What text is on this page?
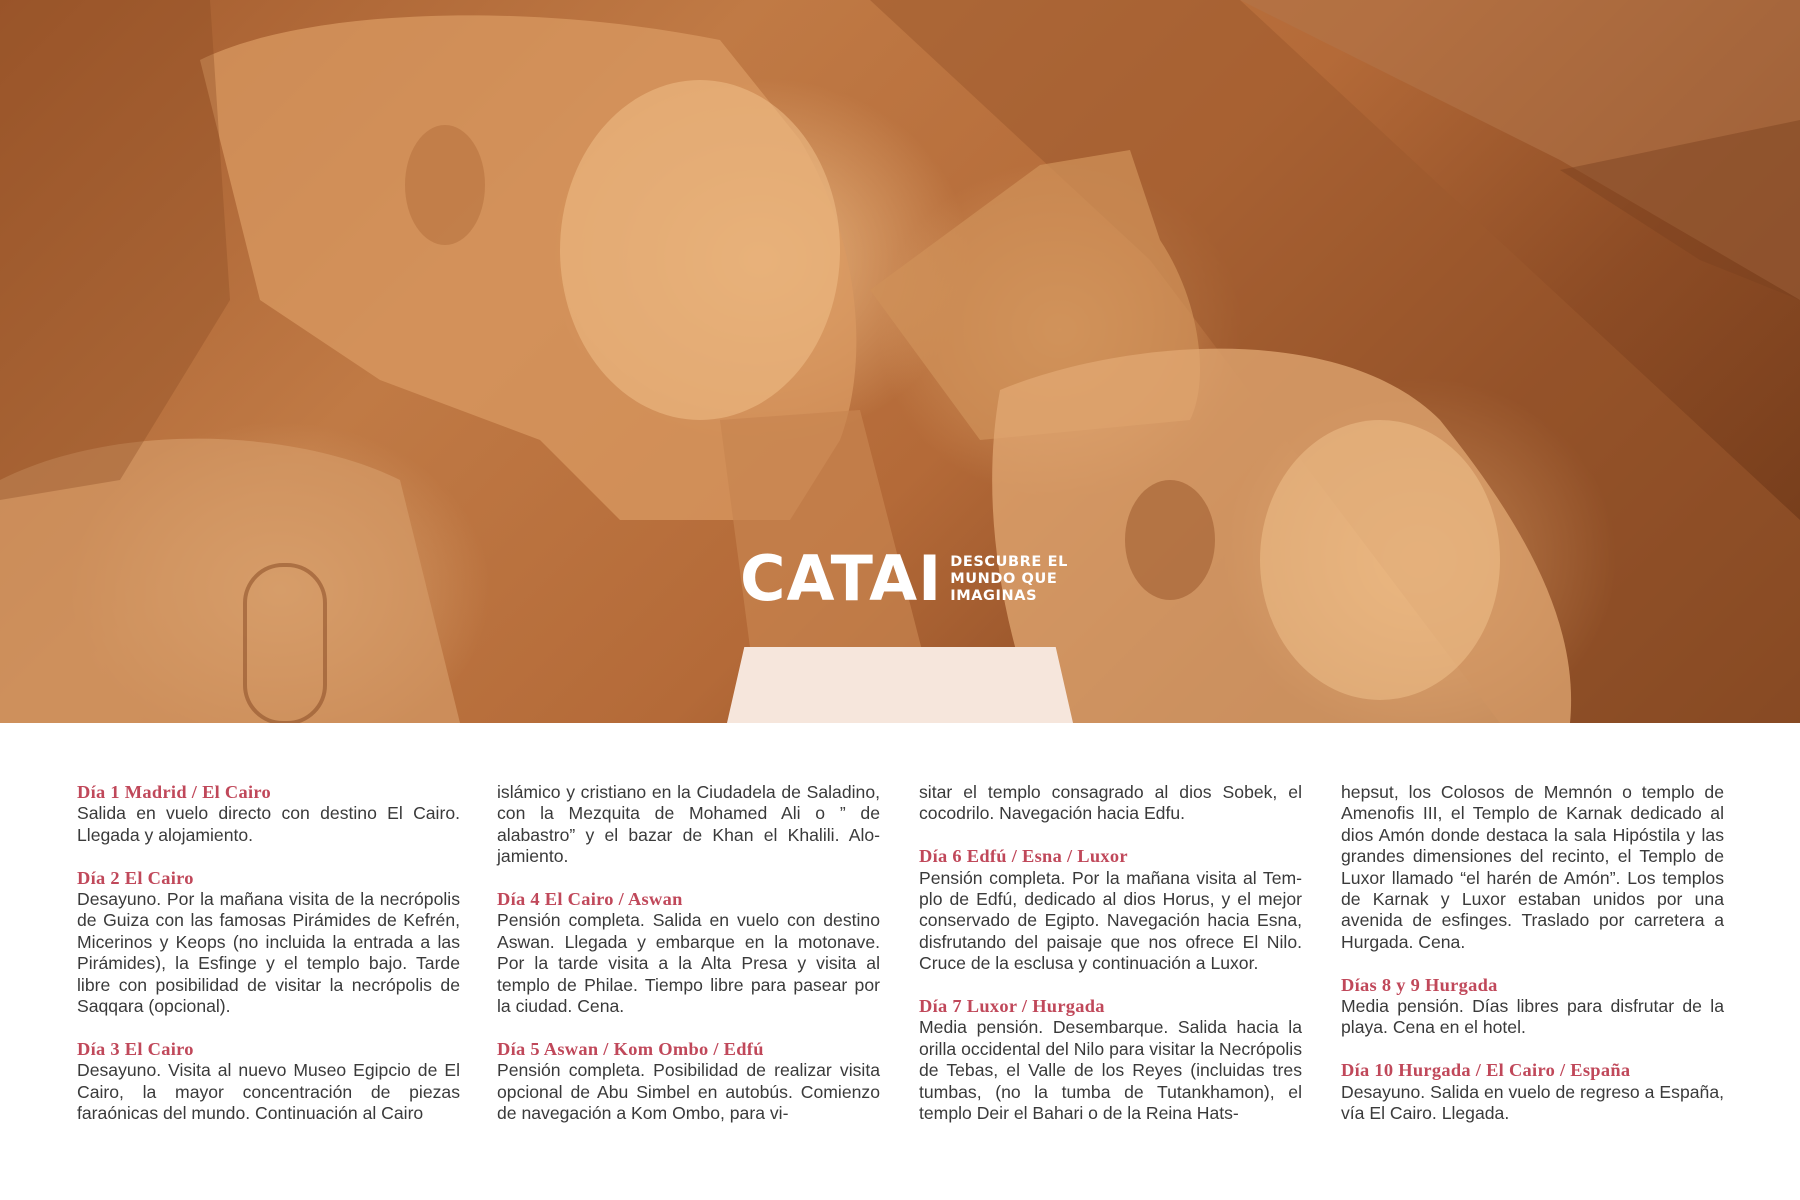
CATAI DESCUBRE EL
MUNDO QUE
IMAGINAS

Día 1 Madrid / El Cairo

Salida en vuelo directo con destino El Cairo. Llegada y alojamiento.

Día 2 El Cairo

Desayuno. Por la mañana visita de la necrópolis de Guiza con las famosas Pirámides de Kefrén, Micerinos y Keops (no incluida la entrada a las Pirámides), la Esfinge y el templo bajo. Tarde libre con posibilidad de visitar la necrópolis de Saqqara (opcional).

Día 3 El Cairo

Desayuno. Visita al nuevo Museo Egipcio de El Cairo, la mayor concentración de piezas faraónicas del mundo. Continuación al Cairo

islámico y cristiano en la Ciudadela de Saladino, con la Mezquita de Mohamed Ali o ” de alabastro” y el bazar de Khan el Khalili. Alojamiento.

Día 4 El Cairo / Aswan

Pensión completa. Salida en vuelo con destino Aswan. Llegada y embarque en la motonave. Por la tarde visita a la Alta Presa y visita al templo de Philae. Tiempo libre para pasear por la ciudad. Cena.

Día 5 Aswan / Kom Ombo / Edfú

Pensión completa. Posibilidad de realizar visita opcional de Abu Simbel en autobús. Comienzo de navegación a Kom Ombo, para vi-

sitar el templo consagrado al dios Sobek, el cocodrilo. Navegación hacia Edfu.

Día 6 Edfú / Esna / Luxor

Pensión completa. Por la mañana visita al Templo de Edfú, dedicado al dios Horus, y el mejor conservado de Egipto. Navegación hacia Esna, disfrutando del paisaje que nos ofrece El Nilo. Cruce de la esclusa y continuación a Luxor.

Día 7 Luxor / Hurgada

Media pensión. Desembarque. Salida hacia la orilla occidental del Nilo para visitar la Necrópolis de Tebas, el Valle de los Reyes (incluidas tres tumbas, (no la tumba de Tutankhamon), el templo Deir el Bahari o de la Reina Hats-

hepsut, los Colosos de Memnón o templo de Amenofis III, el Templo de Karnak dedicado al dios Amón donde destaca la sala Hipóstila y las grandes dimensiones del recinto, el Templo de Luxor llamado “el harén de Amón”. Los templos de Karnak y Luxor estaban unidos por una avenida de esfinges. Traslado por carretera a Hurgada. Cena.

Días 8 y 9 Hurgada

Media pensión. Días libres para disfrutar de la playa. Cena en el hotel.

Día 10 Hurgada / El Cairo / España

Desayuno. Salida en vuelo de regreso a España, vía El Cairo. Llegada.
